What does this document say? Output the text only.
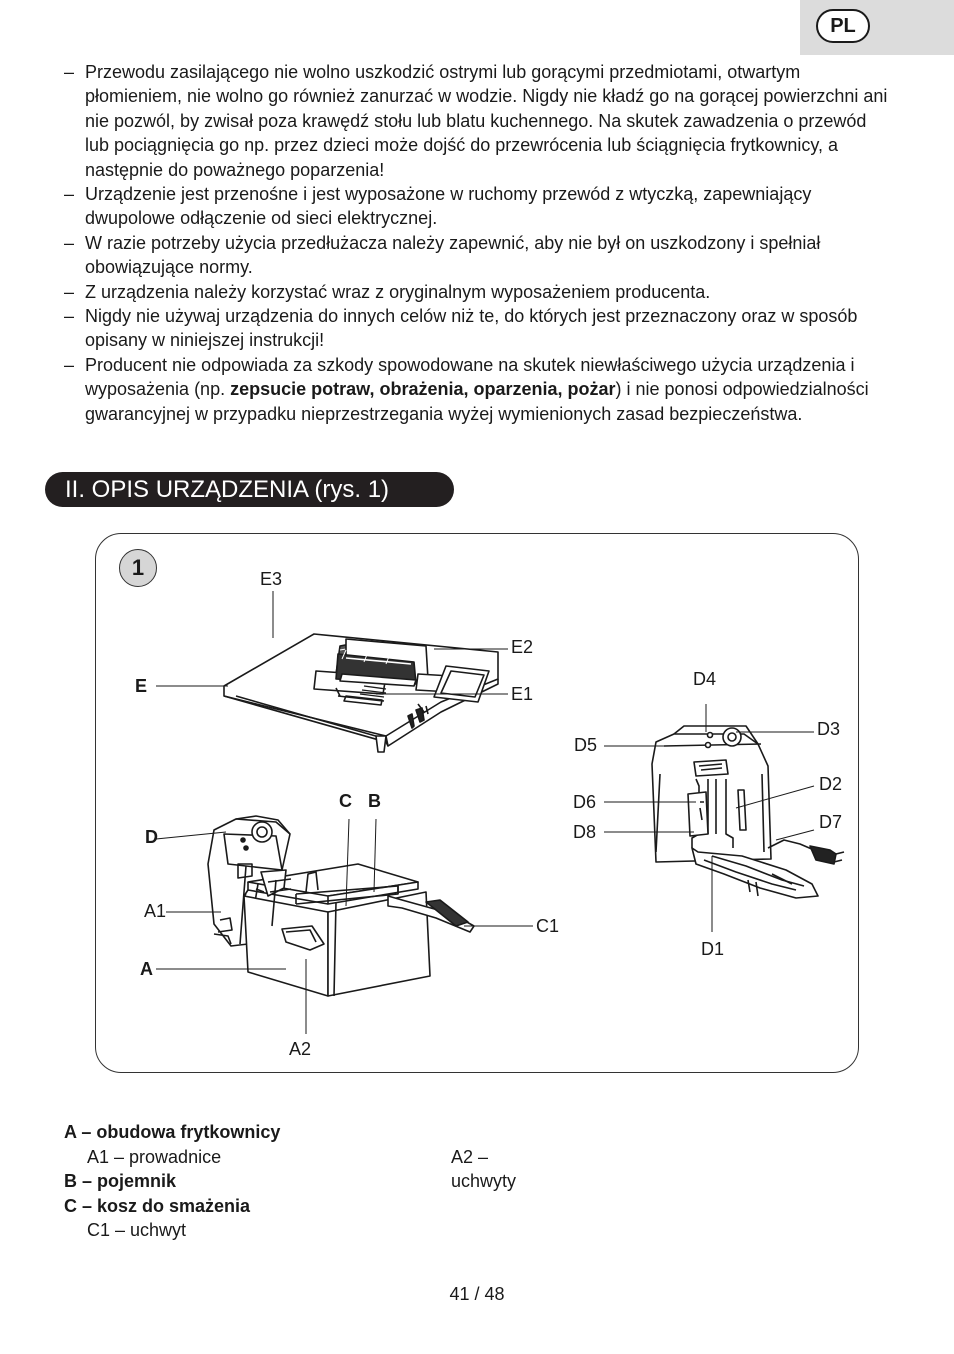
PL
– Przewodu zasilającego nie wolno uszkodzić ostrymi lub gorącymi przedmiotami, otwartym płomieniem, nie wolno go również zanurzać w wodzie. Nigdy nie kładź go na gorącej powierzchni ani nie pozwól, by zwisał poza krawędź stołu lub blatu kuchennego. Na skutek zawadzenia o przewód lub pociągnięcia go np. przez dzieci może dojść do przewrócenia lub ściągnięcia frytkownicy, a następnie do poważnego poparzenia!
– Urządzenie jest przenośne i jest wyposażone w ruchomy przewód z wtyczką, zapewniający dwupolowe odłączenie od sieci elektrycznej.
– W razie potrzeby użycia przedłużacza należy zapewnić, aby nie był on uszkodzony i spełniał obowiązujące normy.
– Z urządzenia należy korzystać wraz z oryginalnym wyposażeniem producenta.
– Nigdy nie używaj urządzenia do innych celów niż te, do których jest przeznaczony oraz w sposób opisany w niniejszej instrukcji!
– Producent nie odpowiada za szkody spowodowane na skutek niewłaściwego użycia urządzenia i wyposażenia (np. zepsucie potraw, obrażenia, oparzenia, pożar) i nie ponosi odpowiedzialności gwarancyjnej w przypadku nieprzestrzegania wyżej wymienionych zasad bezpieczeństwa.
II. OPIS URZĄDZENIA (rys. 1)
1	E3
E2
E1
E
C B
D
A1
A
A2
C1
D4
D3
D5
D2
D6
D7
D8
D1
A – obudowa frytkownicy
A1 – prowadnice	A2 – uchwyty
B – pojemnik
C – kosz do smażenia
C1 – uchwyt
41 / 48
